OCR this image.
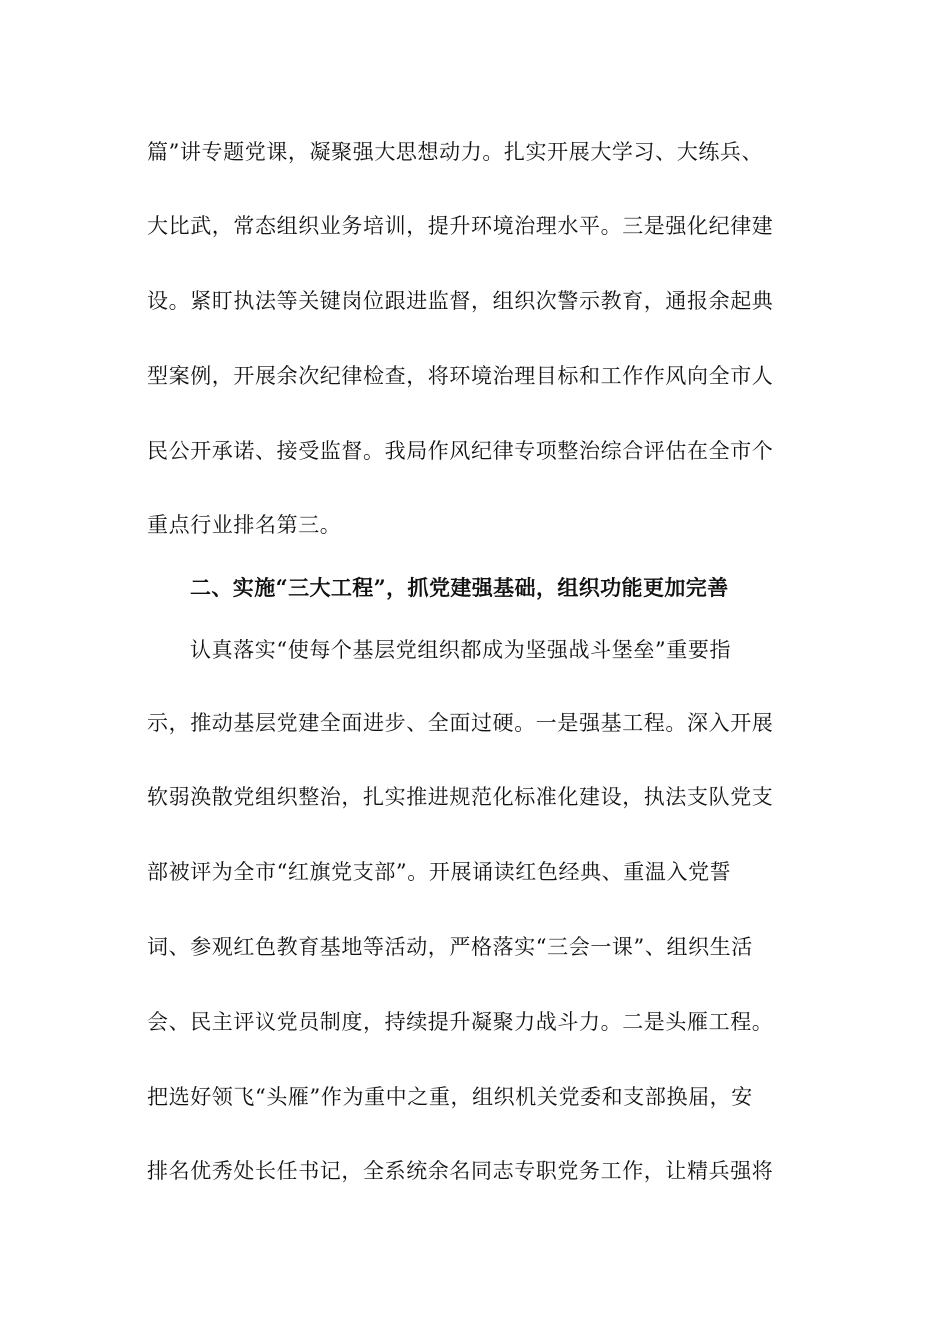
篇”讲专题党课，凝聚强大思想动力。扎实开展大学习、大练兵、
大比武，常态组织业务培训，提升环境治理水平。三是强化纪律建
设。紧盯执法等关键岗位跟进监督，组织次警示教育，通报余起典
型案例，开展余次纪律检查，将环境治理目标和工作作风向全市人
民公开承诺、接受监督。我局作风纪律专项整治综合评估在全市个
重点行业排名第三。
二、实施“三大工程”，抓党建强基础，组织功能更加完善
认真落实“使每个基层党组织都成为坚强战斗堡垒”重要指
示，推动基层党建全面进步、全面过硬。一是强基工程。深入开展
软弱涣散党组织整治，扎实推进规范化标准化建设，执法支队党支
部被评为全市“红旗党支部”。开展诵读红色经典、重温入党誓
词、参观红色教育基地等活动，严格落实“三会一课”、组织生活
会、民主评议党员制度，持续提升凝聚力战斗力。二是头雁工程。
把选好领飞“头雁”作为重中之重，组织机关党委和支部换届，安
排名优秀处长任书记，全系统余名同志专职党务工作，让精兵强将
